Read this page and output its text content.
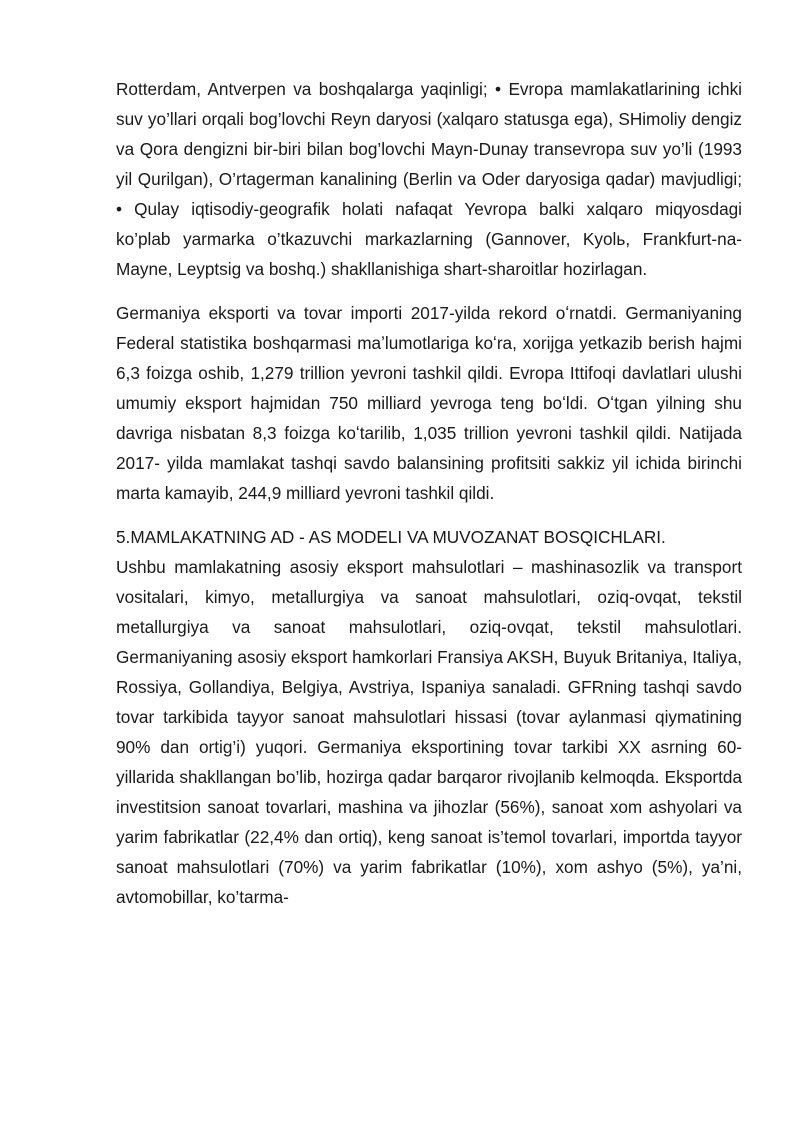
Rotterdam, Antverpen va boshqalarga yaqinligi; • Evropa mamlakatlarining ichki suv yo’llari orqali bog’lovchi Reyn daryosi (xalqaro statusga ega), SHimoliy dengiz va Qora dengizni bir-biri bilan bog’lovchi Mayn-Dunay transevropa suv yo’li (1993 yil Qurilgan), O’rtagerman kanalining (Berlin va Oder daryosiga qadar) mavjudligi; • Qulay iqtisodiy-geografik holati nafaqat Yevropa balki xalqaro miqyosdagi ko’plab yarmarka o’tkazuvchi markazlarning (Gannover, Kyolь, Frankfurt-na-Mayne, Leyptsig va boshq.) shakllanishiga shart-sharoitlar hozirlagan.

Germaniya eksporti va tovar importi 2017-yilda rekord oʻrnatdi. Germaniyaning Federal statistika boshqarmasi maʼlumotlariga koʻra, xorijga yetkazib berish hajmi 6,3 foizga oshib, 1,279 trillion yevroni tashkil qildi. Evropa Ittifoqi davlatlari ulushi umumiy eksport hajmidan 750 milliard yevroga teng boʻldi. Oʻtgan yilning shu davriga nisbatan 8,3 foizga koʻtarilib, 1,035 trillion yevroni tashkil qildi. Natijada 2017- yilda mamlakat tashqi savdo balansining profitsiti sakkiz yil ichida birinchi marta kamayib, 244,9 milliard yevroni tashkil qildi.

5.MAMLAKATNING AD - AS MODELI VA MUVOZANAT BOSQICHLARI.

Ushbu mamlakatning asosiy eksport mahsulotlari – mashinasozlik va transport vositalari, kimyo, metallurgiya va sanoat mahsulotlari, oziq-ovqat, tekstil metallurgiya va sanoat mahsulotlari, oziq-ovqat, tekstil mahsulotlari. Germaniyaning asosiy eksport hamkorlari Fransiya AKSH, Buyuk Britaniya, Italiya, Rossiya, Gollandiya, Belgiya, Avstriya, Ispaniya sanaladi. GFRning tashqi savdo tovar tarkibida tayyor sanoat mahsulotlari hissasi (tovar aylanmasi qiymatining 90% dan ortig’i) yuqori. Germaniya eksportining tovar tarkibi XX asrning 60-yillarida shakllangan bo’lib, hozirga qadar barqaror rivojlanib kelmoqda. Eksportda investitsion sanoat tovarlari, mashina va jihozlar (56%), sanoat xom ashyolari va yarim fabrikatlar (22,4% dan ortiq), keng sanoat is’temol tovarlari, importda tayyor sanoat mahsulotlari (70%) va yarim fabrikatlar (10%), xom ashyo (5%), ya’ni, avtomobillar, ko’tarma-
